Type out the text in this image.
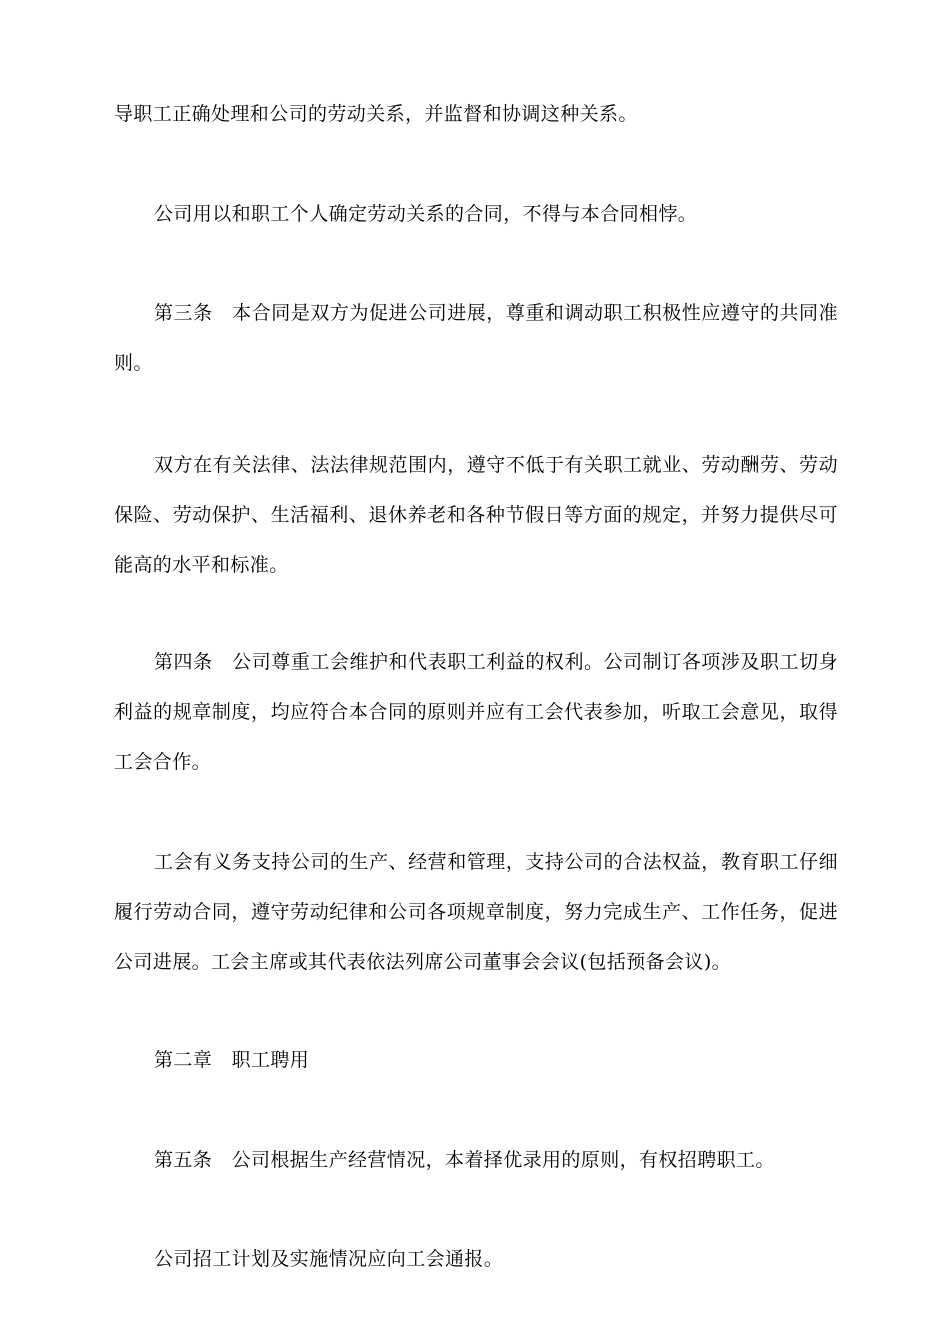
导职工正确处理和公司的劳动关系，并监督和协调这种关系。

公司用以和职工个人确定劳动关系的合同，不得与本合同相悖。

第三条　本合同是双方为促进公司进展，尊重和调动职工积极性应遵守的共同准则。

双方在有关法律、法法律规范围内，遵守不低于有关职工就业、劳动酬劳、劳动保险、劳动保护、生活福利、退休养老和各种节假日等方面的规定，并努力提供尽可能高的水平和标准。

第四条　公司尊重工会维护和代表职工利益的权利。公司制订各项涉及职工切身利益的规章制度，均应符合本合同的原则并应有工会代表参加，听取工会意见，取得工会合作。

工会有义务支持公司的生产、经营和管理，支持公司的合法权益，教育职工仔细履行劳动合同，遵守劳动纪律和公司各项规章制度，努力完成生产、工作任务，促进公司进展。工会主席或其代表依法列席公司董事会会议(包括预备会议)。

第二章　职工聘用

第五条　公司根据生产经营情况，本着择优录用的原则，有权招聘职工。

公司招工计划及实施情况应向工会通报。
